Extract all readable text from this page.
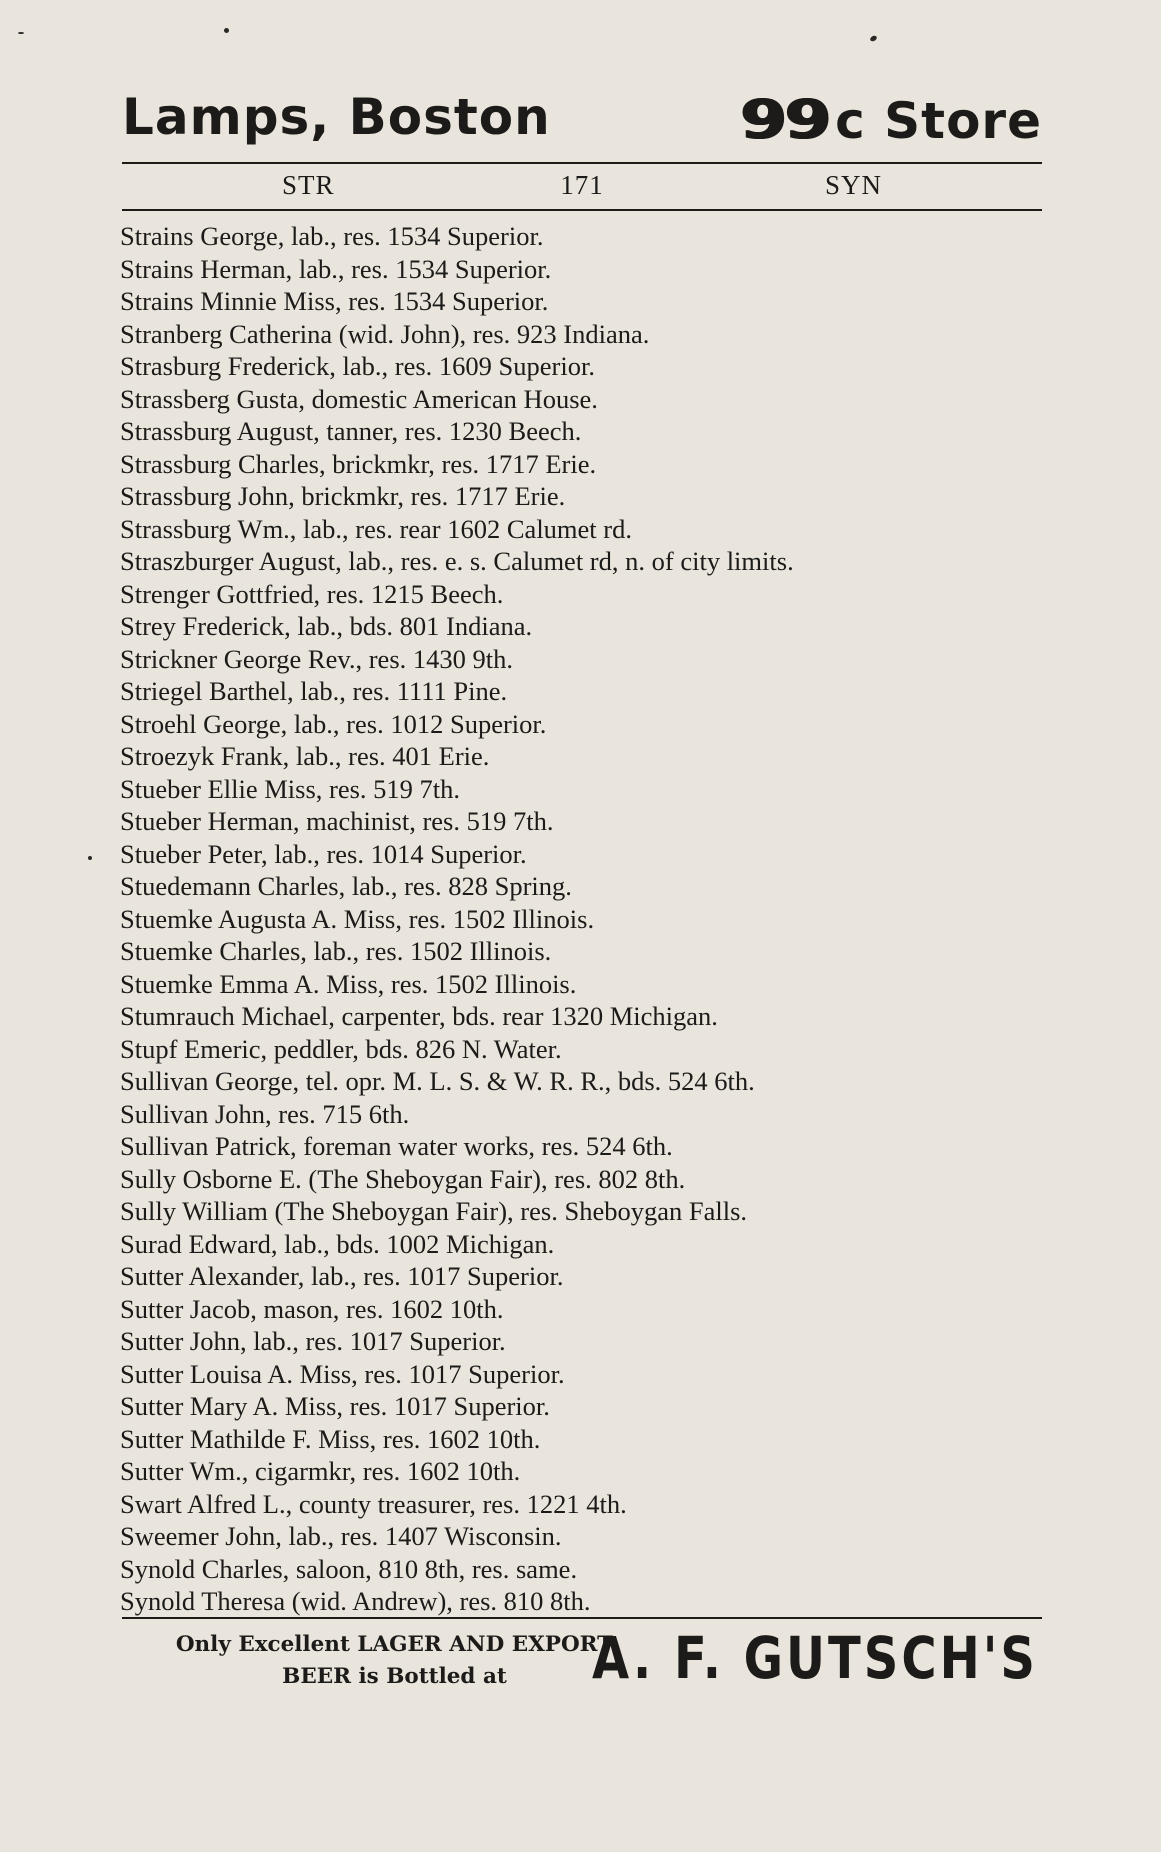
Lamps, Boston	99 c Store
STR	171	SYN
Strains George, lab., res. 1534 Superior.
Strains Herman, lab., res. 1534 Superior.
Strains Minnie Miss, res. 1534 Superior.
Stranberg Catherina (wid. John), res. 923 Indiana.
Strasburg Frederick, lab., res. 1609 Superior.
Strassberg Gusta, domestic American House.
Strassburg August, tanner, res. 1230 Beech.
Strassburg Charles, brickmkr, res. 1717 Erie.
Strassburg John, brickmkr, res. 1717 Erie.
Strassburg Wm., lab., res. rear 1602 Calumet rd.
Straszburger August, lab., res. e. s. Calumet rd, n. of city limits.
Strenger Gottfried, res. 1215 Beech.
Strey Frederick, lab., bds. 801 Indiana.
Strickner George Rev., res. 1430 9th.
Striegel Barthel, lab., res. 1111 Pine.
Stroehl George, lab., res. 1012 Superior.
Stroezyk Frank, lab., res. 401 Erie.
Stueber Ellie Miss, res. 519 7th.
Stueber Herman, machinist, res. 519 7th.
Stueber Peter, lab., res. 1014 Superior.
Stuedemann Charles, lab., res. 828 Spring.
Stuemke Augusta A. Miss, res. 1502 Illinois.
Stuemke Charles, lab., res. 1502 Illinois.
Stuemke Emma A. Miss, res. 1502 Illinois.
Stumrauch Michael, carpenter, bds. rear 1320 Michigan.
Stupf Emeric, peddler, bds. 826 N. Water.
Sullivan George, tel. opr. M. L. S. & W. R. R., bds. 524 6th.
Sullivan John, res. 715 6th.
Sullivan Patrick, foreman water works, res. 524 6th.
Sully Osborne E. (The Sheboygan Fair), res. 802 8th.
Sully William (The Sheboygan Fair), res. Sheboygan Falls.
Surad Edward, lab., bds. 1002 Michigan.
Sutter Alexander, lab., res. 1017 Superior.
Sutter Jacob, mason, res. 1602 10th.
Sutter John, lab., res. 1017 Superior.
Sutter Louisa A. Miss, res. 1017 Superior.
Sutter Mary A. Miss, res. 1017 Superior.
Sutter Mathilde F. Miss, res. 1602 10th.
Sutter Wm., cigarmkr, res. 1602 10th.
Swart Alfred L., county treasurer, res. 1221 4th.
Sweemer John, lab., res. 1407 Wisconsin.
Synold Charles, saloon, 810 8th, res. same.
Synold Theresa (wid. Andrew), res. 810 8th.
Only Excellent LAGER AND EXPORT
BEER is Bottled at	A. F. GUTSCH'S
